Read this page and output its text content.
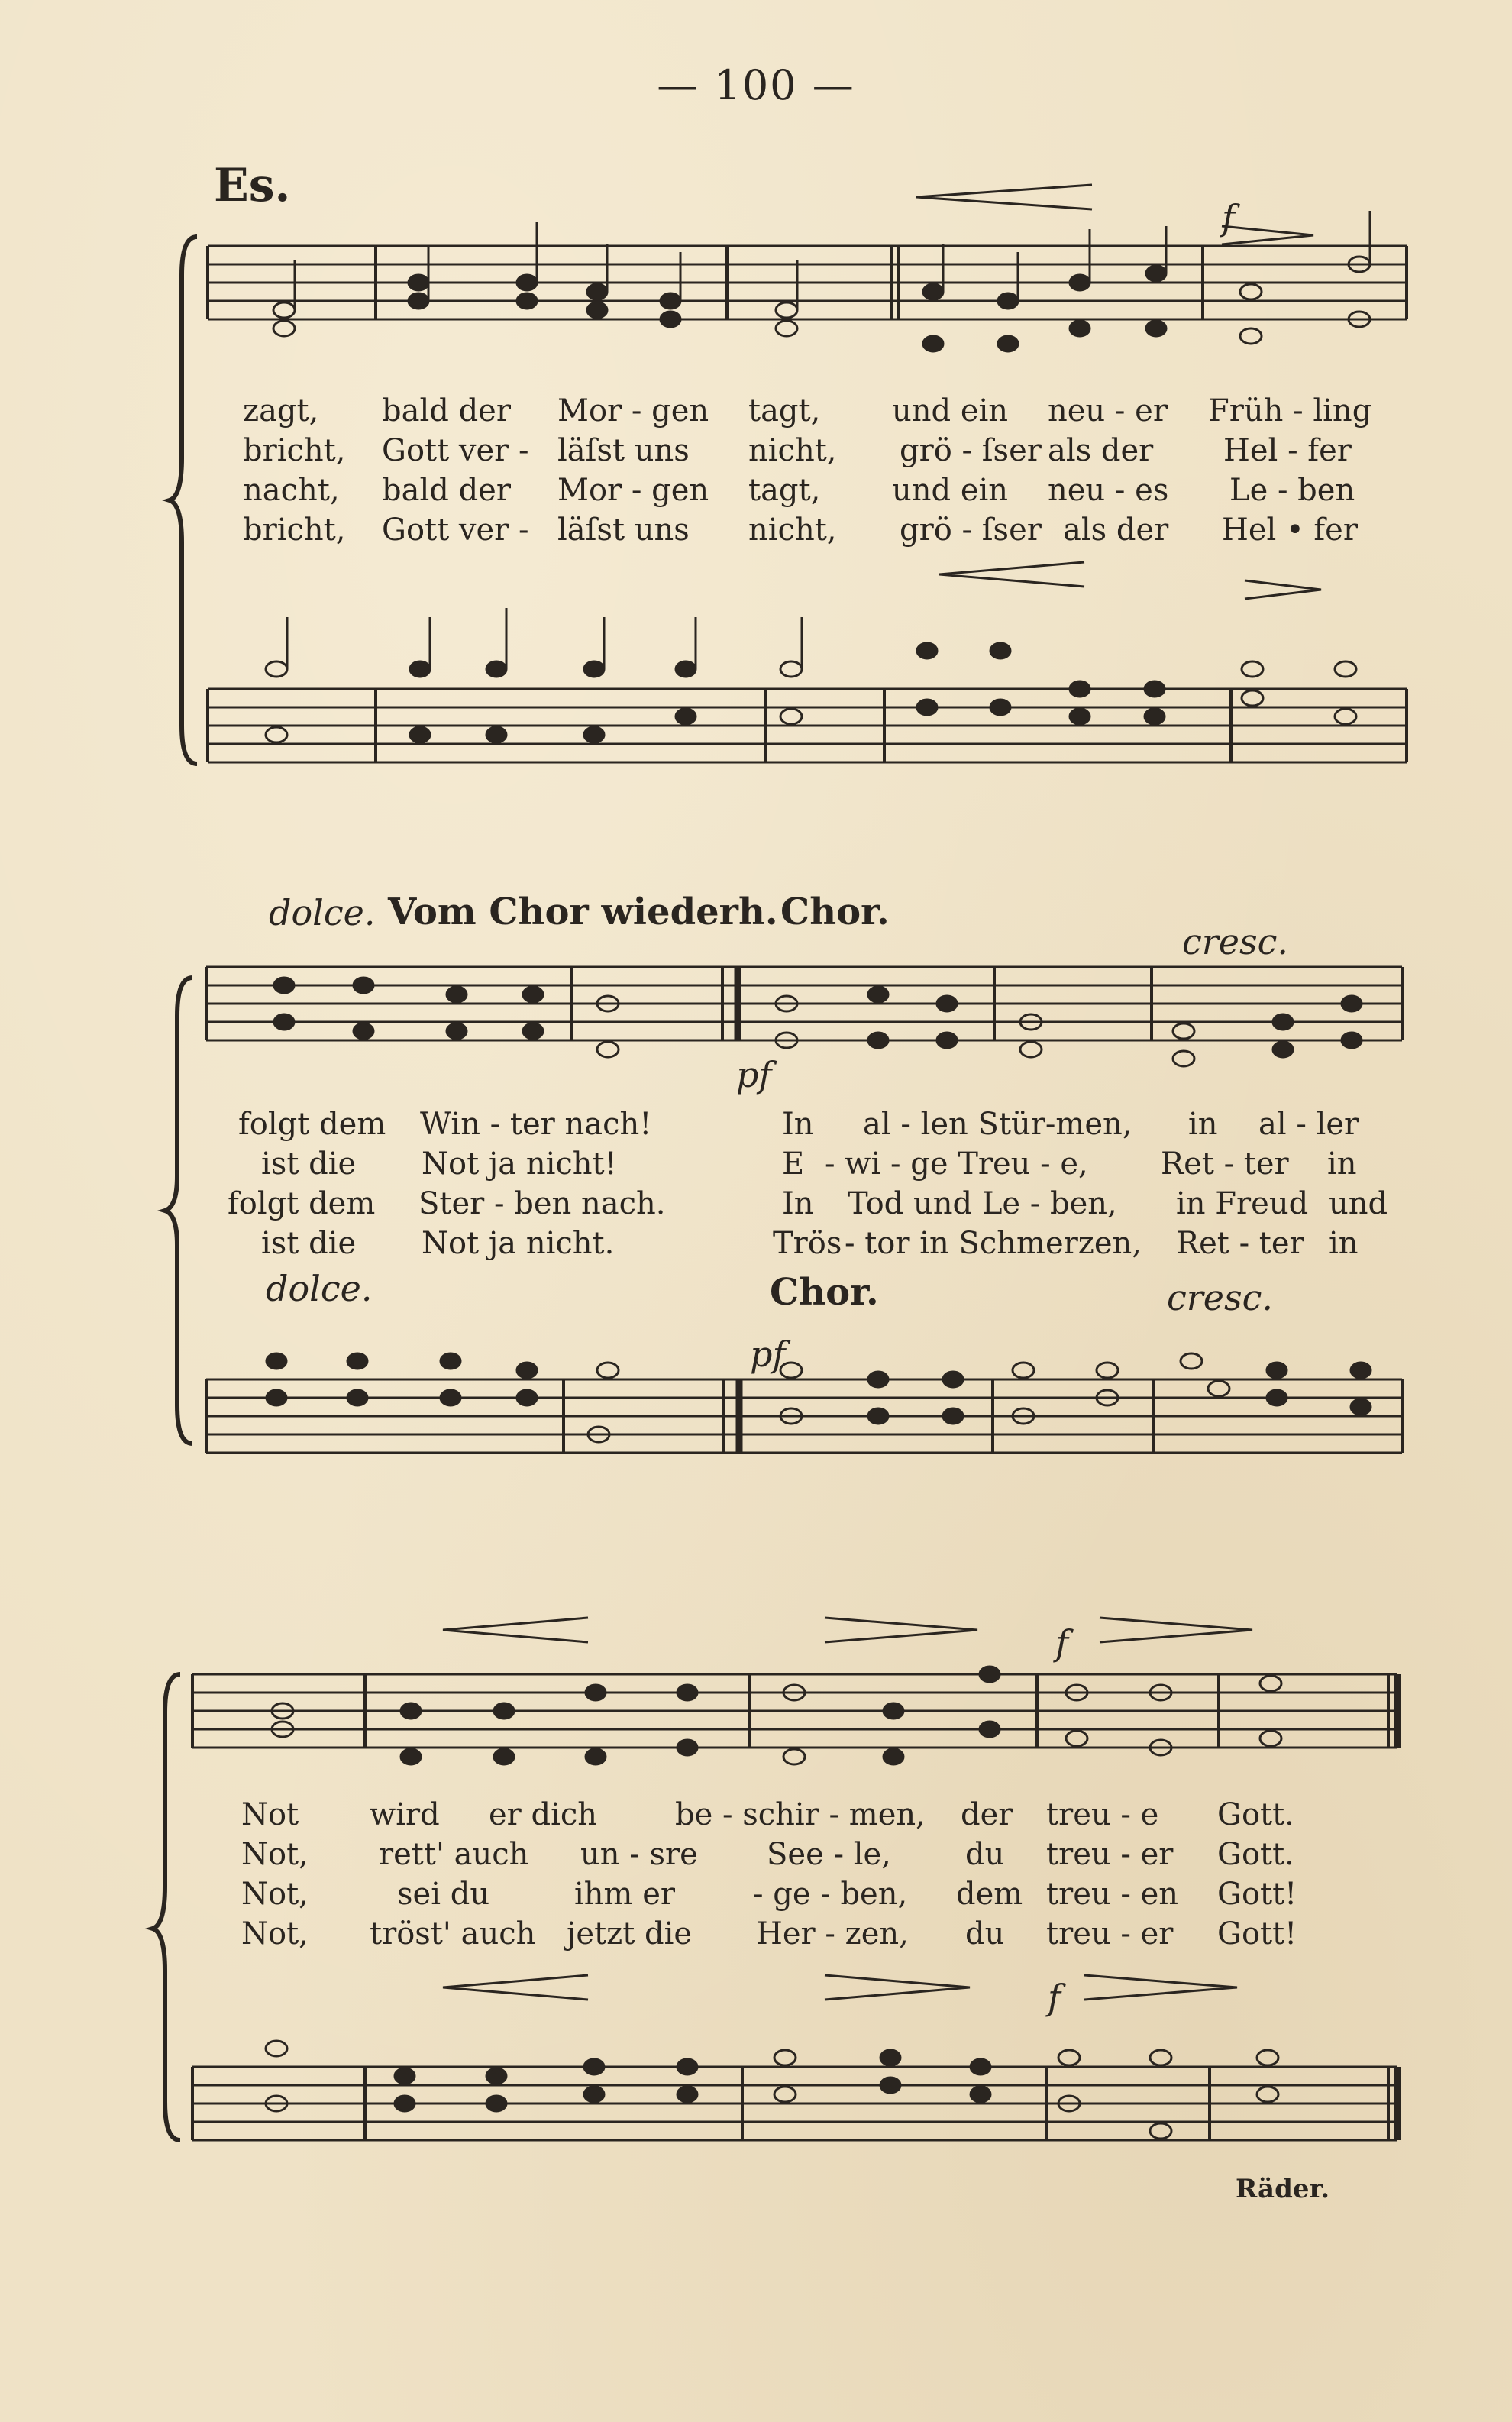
— 100 —
Es.
f
zagt, bald der Mor - gen tagt, und ein neu - er Früh - ling
bricht, Gott ver - läſst uns nicht, grö - ſser als der Hel - fer
nacht, bald der Mor - gen tagt, und ein neu - es Le - ben
bricht, Gott ver - läſst uns nicht, grö - ſser als der Hel • fer
dolce. Vom Chor wiederh. Chor.
cresc.
pf
folgt dem Win - ter nach!	In al - len Stür-men, in al - ler
ist die Not ja nicht!	E - wi - ge Treu - e, Ret - ter in
folgt dem Ster - ben nach.	In Tod und Le - ben, in Freud und
ist die Not ja nicht.	Trös - tor in Schmerzen, Ret - ter in
dolce.	Chor.	cresc.
pf
f
Not wird er dich	be - schir - men, der treu - e Gott.
Not, rett' auch un - sre See - le, du treu - er Gott.
Not,	sei du	ihm er	- ge - ben, dem treu - en Gott!
Not, tröst' auch jetzt die Her - zen, du treu - er Gott!
f
Räder.
